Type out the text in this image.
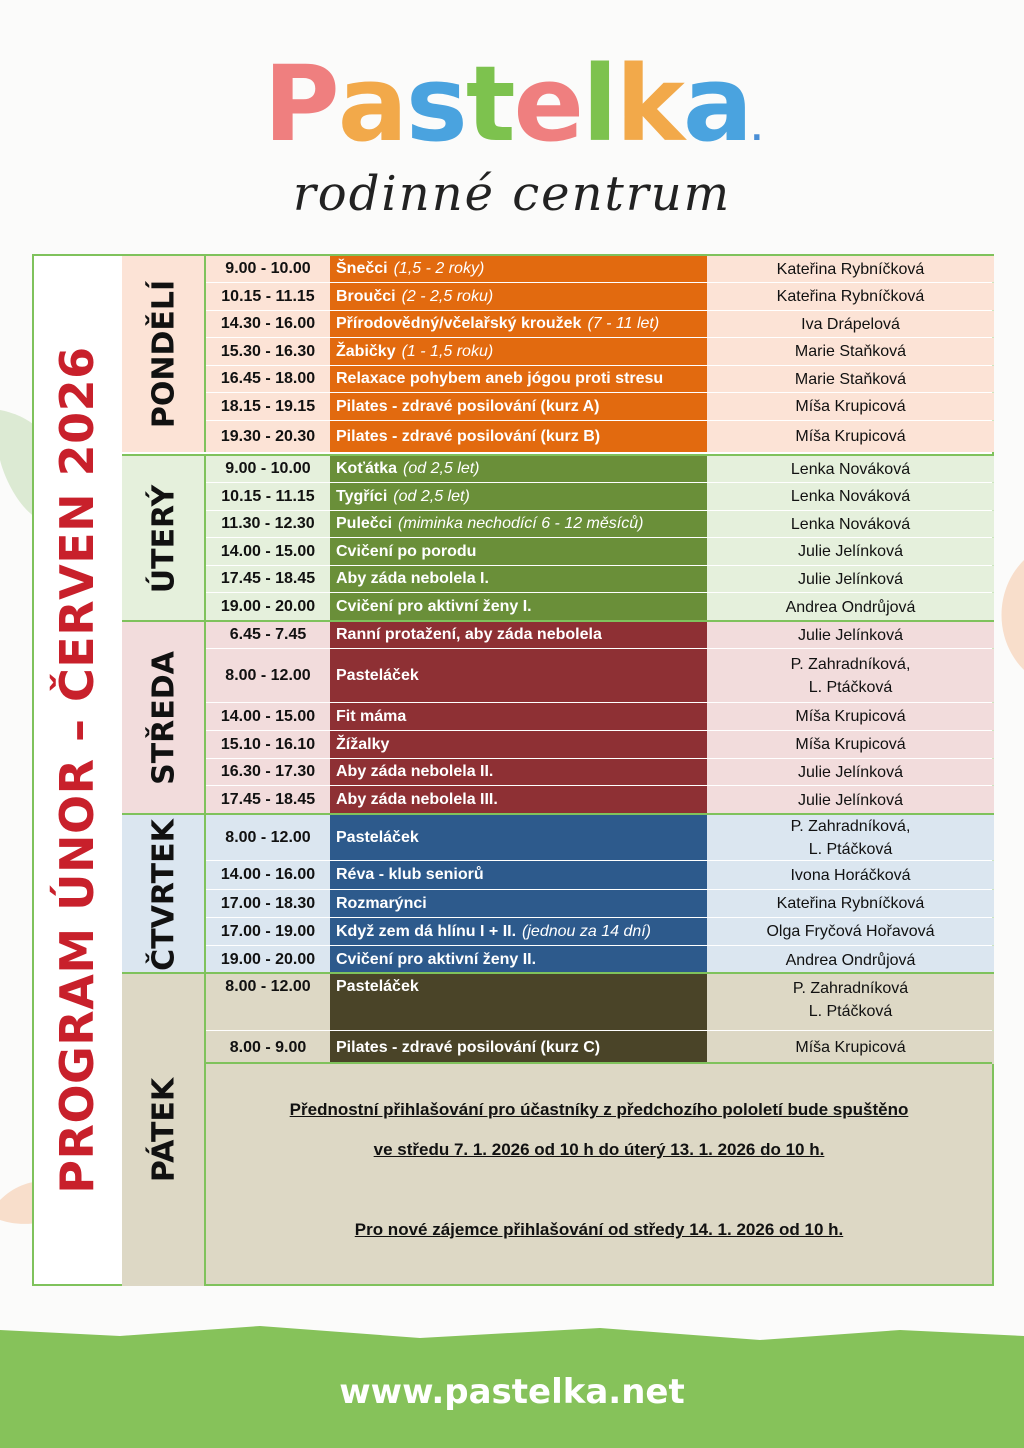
Pastelka.
rodinné centrum
PROGRAM ÚNOR – ČERVEN 2026 PONDĚLÍ
9.00 - 10.00	Šnečci (1,5 - 2 roky)	Kateřina Rybníčková
10.15 - 11.15	Broučci (2 - 2,5 roku)	Kateřina Rybníčková
14.30 - 16.00	Přírodovědný/včelařský kroužek (7 - 11 let)	Iva Drápelová
15.30 - 16.30	Žabičky (1 - 1,5 roku)	Marie Staňková
16.45 - 18.00	Relaxace pohybem aneb jógou proti stresu	Marie Staňková
18.15 - 19.15	Pilates - zdravé posilování (kurz A)	Míša Krupicová
19.30 - 20.30	Pilates - zdravé posilování (kurz B)	Míša Krupicová
ÚTERÝ
9.00 - 10.00	Koťátka (od 2,5 let)	Lenka Nováková
10.15 - 11.15	Tygříci (od 2,5 let)	Lenka Nováková
11.30 - 12.30	Pulečci (miminka nechodící 6 - 12 měsíců)	Lenka Nováková
14.00 - 15.00	Cvičení po porodu	Julie Jelínková
17.45 - 18.45	Aby záda nebolela I.	Julie Jelínková
19.00 - 20.00	Cvičení pro aktivní ženy I.	Andrea Ondrůjová
STŘEDA
6.45 - 7.45	Ranní protažení, aby záda nebolela	Julie Jelínková
8.00 - 12.00	Pasteláček
P. Zahradníková,
L. Ptáčková
14.00 - 15.00	Fit máma	Míša Krupicová
15.10 - 16.10	Žížalky	Míša Krupicová
16.30 - 17.30	Aby záda nebolela II.	Julie Jelínková
17.45 - 18.45	Aby záda nebolela III.	Julie Jelínková
ČTVRTEK	8.00 - 12.00	Pasteláček
P. Zahradníková,
L. Ptáčková
14.00 - 16.00	Réva - klub seniorů	Ivona Horáčková
17.00 - 18.30	Rozmarýnci	Kateřina Rybníčková
17.00 - 19.00	Když zem dá hlínu I + II. (jednou za 14 dní)	Olga Fryčová Hořavová
19.00 - 20.00	Cvičení pro aktivní ženy II.	Andrea Ondrůjová
PÁTEK
8.00 - 12.00	Pasteláček	P. Zahradníková
L. Ptáčková
8.00 - 9.00	Pilates - zdravé posilování (kurz C)	Míša Krupicová

Přednostní přihlašování pro účastníky z předchozího pololetí bude spuštěno

ve středu 7. 1. 2026 od 10 h do úterý 13. 1. 2026 do 10 h.

Pro nové zájemce přihlašování od středy 14. 1. 2026 od 10 h.

www.pastelka.net
